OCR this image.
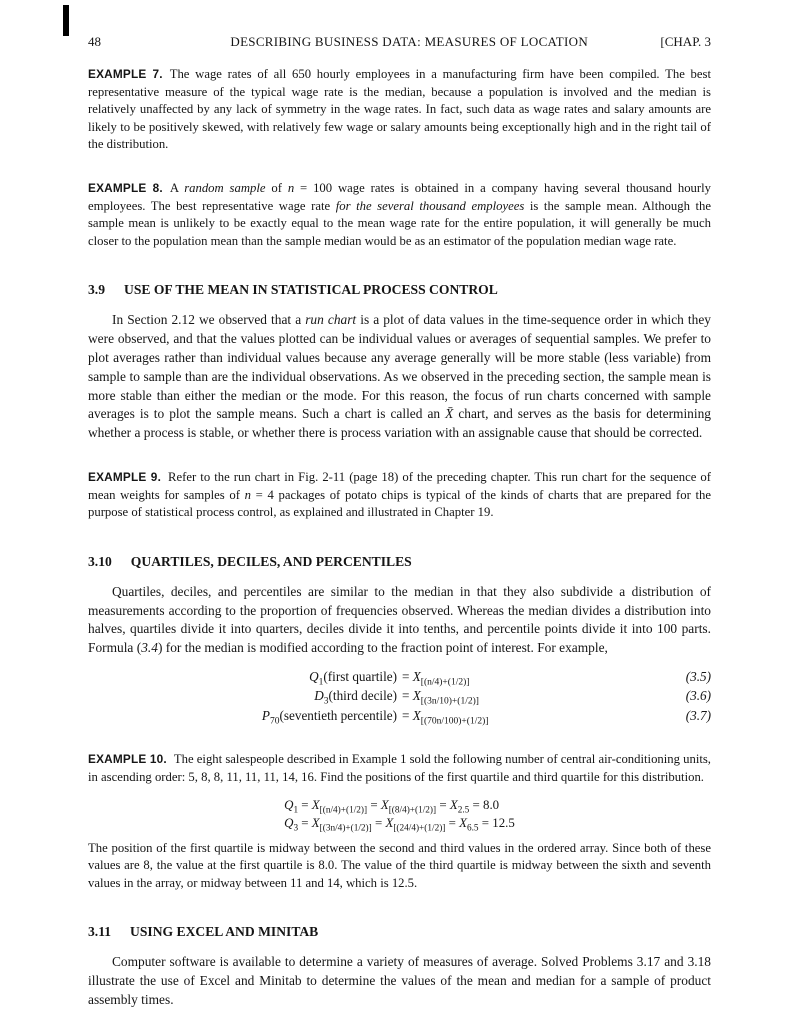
48	DESCRIBING BUSINESS DATA: MEASURES OF LOCATION	[CHAP. 3

EXAMPLE 7. The wage rates of all 650 hourly employees in a manufacturing firm have been compiled. The best representative measure of the typical wage rate is the median, because a population is involved and the median is relatively unaffected by any lack of symmetry in the wage rates. In fact, such data as wage rates and salary amounts are likely to be positively skewed, with relatively few wage or salary amounts being exceptionally high and in the right tail of the distribution.

EXAMPLE 8. A random sample of n = 100 wage rates is obtained in a company having several thousand hourly employees. The best representative wage rate for the several thousand employees is the sample mean. Although the sample mean is unlikely to be exactly equal to the mean wage rate for the entire population, it will generally be much closer to the population mean than the sample median would be as an estimator of the population median wage rate.

3.9 USE OF THE MEAN IN STATISTICAL PROCESS CONTROL

In Section 2.12 we observed that a run chart is a plot of data values in the time-sequence order in which they were observed, and that the values plotted can be individual values or averages of sequential samples. We prefer to plot averages rather than individual values because any average generally will be more stable (less variable) from sample to sample than are the individual observations. As we observed in the preceding section, the sample mean is more stable than either the median or the mode. For this reason, the focus of run charts concerned with sample averages is to plot the sample means. Such a chart is called an X̄ chart, and serves as the basis for determining whether a process is stable, or whether there is process variation with an assignable cause that should be corrected.

EXAMPLE 9. Refer to the run chart in Fig. 2-11 (page 18) of the preceding chapter. This run chart for the sequence of mean weights for samples of n = 4 packages of potato chips is typical of the kinds of charts that are prepared for the purpose of statistical process control, as explained and illustrated in Chapter 19.

3.10 QUARTILES, DECILES, AND PERCENTILES

Quartiles, deciles, and percentiles are similar to the median in that they also subdivide a distribution of measurements according to the proportion of frequencies observed. Whereas the median divides a distribution into halves, quartiles divide it into quarters, deciles divide it into tenths, and percentile points divide it into 100 parts. Formula (3.4) for the median is modified according to the fraction point of interest. For example,

$Q_1(first$ quartile) = $X_{[(n/4)+(1/2)]}$	(3.5)
$D_3(third$ decile) = $X_{[(3n/10)+(1/2)]}$	(3.6)
$P_{70}(seventieth$ percentile) = $X_{[(70n/100)+(1/2)]}$	(3.7)

EXAMPLE 10. The eight salespeople described in Example 1 sold the following number of central air-conditioning units, in ascending order: 5, 8, 8, 11, 11, 11, 14, 16. Find the positions of the first quartile and third quartile for this distribution.

$Q_1 = X_{[(n/4)+(1/2)]} = X_{[(8/4)+(1/2)]} = X_{2.5} = 8.0$
$Q_3 = X_{[(3n/4)+(1/2)]} = X_{[(24/4)+(1/2)]} = X_{6.5} = 12.5$

The position of the first quartile is midway between the second and third values in the ordered array. Since both of these values are 8, the value at the first quartile is 8.0. The value of the third quartile is midway between the sixth and seventh values in the array, or midway between 11 and 14, which is 12.5.

3.11 USING EXCEL AND MINITAB

Computer software is available to determine a variety of measures of average. Solved Problems 3.17 and 3.18 illustrate the use of Excel and Minitab to determine the values of the mean and median for a sample of product assembly times.
